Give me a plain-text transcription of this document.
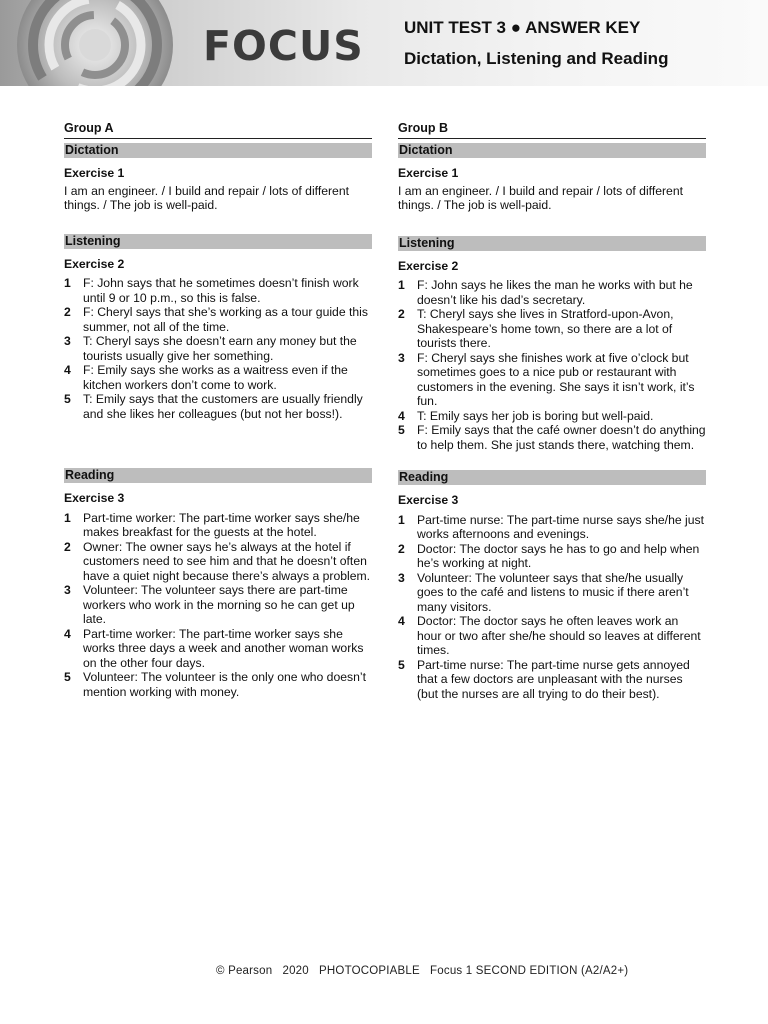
FOCUS UNIT TEST 3 ● ANSWER KEY
Dictation, Listening and Reading
Group A
Dictation
Exercise 1

I am an engineer. / I build and repair / lots of different things. / The job is well-paid.

Listening
Exercise 2
1 F: John says that he sometimes doesn’t finish work until 9 or 10 p.m., so this is false.
2 F: Cheryl says that she’s working as a tour guide this summer, not all of the time.
3 T: Cheryl says she doesn’t earn any money but the tourists usually give her something.
4 F: Emily says she works as a waitress even if the kitchen workers don’t come to work.
5 T: Emily says that the customers are usually friendly and she likes her colleagues (but not her boss!).
Reading
Exercise 3
1 Part-time worker: The part-time worker says she/he makes breakfast for the guests at the hotel.
2 Owner: The owner says he’s always at the hotel if customers need to see him and that he doesn’t often have a quiet night because there’s always a problem.
3 Volunteer: The volunteer says there are part-time workers who work in the morning so he can get up late.
4 Part-time worker: The part-time worker says she works three days a week and another woman works on the other four days.
5 Volunteer: The volunteer is the only one who doesn’t mention working with money.
Group B
Dictation
Exercise 1

I am an engineer. / I build and repair / lots of different things. / The job is well-paid.

Listening
Exercise 2
1 F: John says he likes the man he works with but he doesn’t like his dad’s secretary.
2 T: Cheryl says she lives in Stratford-upon-Avon, Shakespeare’s home town, so there are a lot of tourists there.
3 F: Cheryl says she finishes work at five o’clock but sometimes goes to a nice pub or restaurant with customers in the evening. She says it isn’t work, it’s fun.
4 T: Emily says her job is boring but well-paid.
5 F: Emily says that the café owner doesn’t do anything to help them. She just stands there, watching them.
Reading
Exercise 3
1 Part-time nurse: The part-time nurse says she/he just works afternoons and evenings.
2 Doctor: The doctor says he has to go and help when he’s working at night.
3 Volunteer: The volunteer says that she/he usually goes to the café and listens to music if there aren’t many visitors.
4 Doctor: The doctor says he often leaves work an hour or two after she/he should so leaves at different times.
5 Part-time nurse: The part-time nurse gets annoyed that a few doctors are unpleasant with the nurses (but the nurses are all trying to do their best).
© Pearson   2020   PHOTOCOPIABLE   Focus 1 SECOND EDITION (A2/A2+)
